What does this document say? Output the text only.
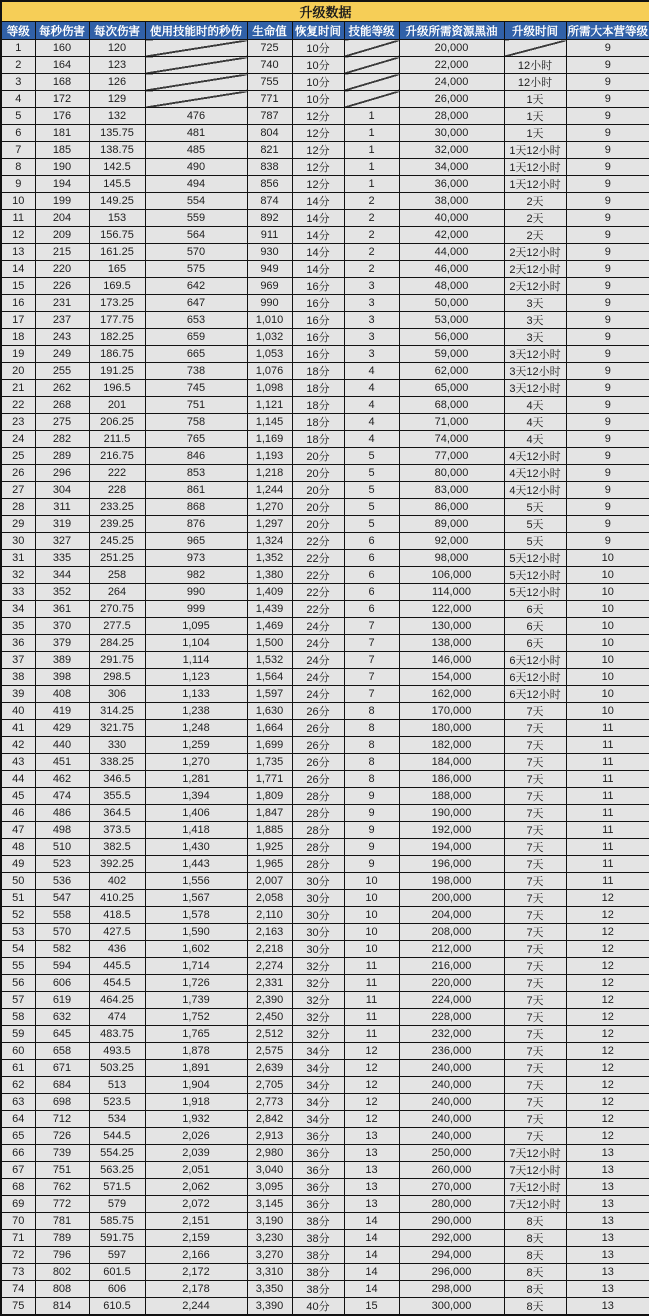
升级数据									
等级	每秒伤害	每次伤害	使用技能时的秒伤	生命值	恢复时间	技能等级	升级所需资源黑油	升级时间	所需大本营等级
1	160	120		725	10分		20,000		9
2	164	123		740	10分		22,000	12小时	9
3	168	126		755	10分		24,000	12小时	9
4	172	129		771	10分		26,000	1天	9
5	176	132	476	787	12分	1	28,000	1天	9
6	181	135.75	481	804	12分	1	30,000	1天	9
7	185	138.75	485	821	12分	1	32,000	1天12小时	9
8	190	142.5	490	838	12分	1	34,000	1天12小时	9
9	194	145.5	494	856	12分	1	36,000	1天12小时	9
10	199	149.25	554	874	14分	2	38,000	2天	9
11	204	153	559	892	14分	2	40,000	2天	9
12	209	156.75	564	911	14分	2	42,000	2天	9
13	215	161.25	570	930	14分	2	44,000	2天12小时	9
14	220	165	575	949	14分	2	46,000	2天12小时	9
15	226	169.5	642	969	16分	3	48,000	2天12小时	9
16	231	173.25	647	990	16分	3	50,000	3天	9
17	237	177.75	653	1,010	16分	3	53,000	3天	9
18	243	182.25	659	1,032	16分	3	56,000	3天	9
19	249	186.75	665	1,053	16分	3	59,000	3天12小时	9
20	255	191.25	738	1,076	18分	4	62,000	3天12小时	9
21	262	196.5	745	1,098	18分	4	65,000	3天12小时	9
22	268	201	751	1,121	18分	4	68,000	4天	9
23	275	206.25	758	1,145	18分	4	71,000	4天	9
24	282	211.5	765	1,169	18分	4	74,000	4天	9
25	289	216.75	846	1,193	20分	5	77,000	4天12小时	9
26	296	222	853	1,218	20分	5	80,000	4天12小时	9
27	304	228	861	1,244	20分	5	83,000	4天12小时	9
28	311	233.25	868	1,270	20分	5	86,000	5天	9
29	319	239.25	876	1,297	20分	5	89,000	5天	9
30	327	245.25	965	1,324	22分	6	92,000	5天	9
31	335	251.25	973	1,352	22分	6	98,000	5天12小时	10
32	344	258	982	1,380	22分	6	106,000	5天12小时	10
33	352	264	990	1,409	22分	6	114,000	5天12小时	10
34	361	270.75	999	1,439	22分	6	122,000	6天	10
35	370	277.5	1,095	1,469	24分	7	130,000	6天	10
36	379	284.25	1,104	1,500	24分	7	138,000	6天	10
37	389	291.75	1,114	1,532	24分	7	146,000	6天12小时	10
38	398	298.5	1,123	1,564	24分	7	154,000	6天12小时	10
39	408	306	1,133	1,597	24分	7	162,000	6天12小时	10
40	419	314.25	1,238	1,630	26分	8	170,000	7天	10
41	429	321.75	1,248	1,664	26分	8	180,000	7天	11
42	440	330	1,259	1,699	26分	8	182,000	7天	11
43	451	338.25	1,270	1,735	26分	8	184,000	7天	11
44	462	346.5	1,281	1,771	26分	8	186,000	7天	11
45	474	355.5	1,394	1,809	28分	9	188,000	7天	11
46	486	364.5	1,406	1,847	28分	9	190,000	7天	11
47	498	373.5	1,418	1,885	28分	9	192,000	7天	11
48	510	382.5	1,430	1,925	28分	9	194,000	7天	11
49	523	392.25	1,443	1,965	28分	9	196,000	7天	11
50	536	402	1,556	2,007	30分	10	198,000	7天	11
51	547	410.25	1,567	2,058	30分	10	200,000	7天	12
52	558	418.5	1,578	2,110	30分	10	204,000	7天	12
53	570	427.5	1,590	2,163	30分	10	208,000	7天	12
54	582	436	1,602	2,218	30分	10	212,000	7天	12
55	594	445.5	1,714	2,274	32分	11	216,000	7天	12
56	606	454.5	1,726	2,331	32分	11	220,000	7天	12
57	619	464.25	1,739	2,390	32分	11	224,000	7天	12
58	632	474	1,752	2,450	32分	11	228,000	7天	12
59	645	483.75	1,765	2,512	32分	11	232,000	7天	12
60	658	493.5	1,878	2,575	34分	12	236,000	7天	12
61	671	503.25	1,891	2,639	34分	12	240,000	7天	12
62	684	513	1,904	2,705	34分	12	240,000	7天	12
63	698	523.5	1,918	2,773	34分	12	240,000	7天	12
64	712	534	1,932	2,842	34分	12	240,000	7天	12
65	726	544.5	2,026	2,913	36分	13	240,000	7天	12
66	739	554.25	2,039	2,980	36分	13	250,000	7天12小时	13
67	751	563.25	2,051	3,040	36分	13	260,000	7天12小时	13
68	762	571.5	2,062	3,095	36分	13	270,000	7天12小时	13
69	772	579	2,072	3,145	36分	13	280,000	7天12小时	13
70	781	585.75	2,151	3,190	38分	14	290,000	8天	13
71	789	591.75	2,159	3,230	38分	14	292,000	8天	13
72	796	597	2,166	3,270	38分	14	294,000	8天	13
73	802	601.5	2,172	3,310	38分	14	296,000	8天	13
74	808	606	2,178	3,350	38分	14	298,000	8天	13
75	814	610.5	2,244	3,390	40分	15	300,000	8天	13
